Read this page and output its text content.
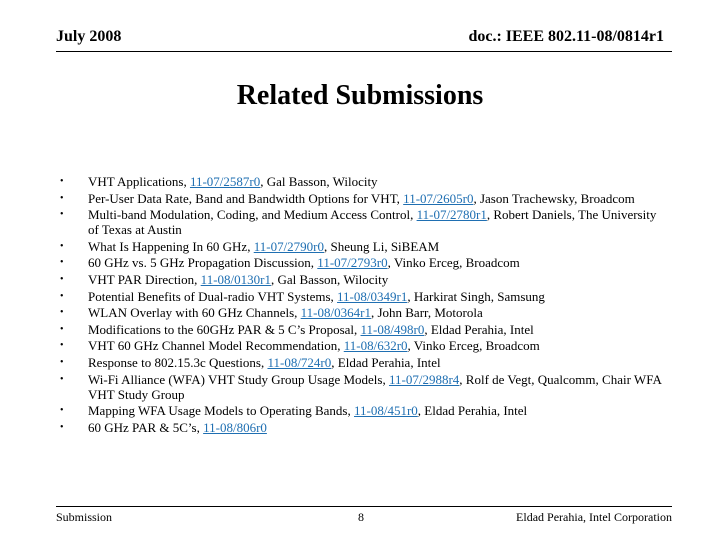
July 2008	doc.: IEEE 802.11-08/0814r1
Related Submissions
• VHT Applications, 11-07/2587r0, Gal Basson, Wilocity
• Per-User Data Rate, Band and Bandwidth Options for VHT, 11-07/2605r0, Jason Trachewsky, Broadcom
• Multi-band Modulation, Coding, and Medium Access Control, 11-07/2780r1, Robert Daniels, The University of Texas at Austin
• What Is Happening In 60 GHz, 11-07/2790r0, Sheung Li, SiBEAM
• 60 GHz vs. 5 GHz Propagation Discussion, 11-07/2793r0, Vinko Erceg, Broadcom
• VHT PAR Direction, 11-08/0130r1, Gal Basson, Wilocity
• Potential Benefits of Dual-radio VHT Systems, 11-08/0349r1, Harkirat Singh, Samsung
• WLAN Overlay with 60 GHz Channels, 11-08/0364r1, John Barr, Motorola
• Modifications to the 60GHz PAR & 5 C’s Proposal, 11-08/498r0, Eldad Perahia, Intel
• VHT 60 GHz Channel Model Recommendation, 11-08/632r0, Vinko Erceg, Broadcom
• Response to 802.15.3c Questions, 11-08/724r0, Eldad Perahia, Intel
• Wi-Fi Alliance (WFA) VHT Study Group Usage Models, 11-07/2988r4, Rolf de Vegt, Qualcomm, Chair WFA VHT Study Group
• Mapping WFA Usage Models to Operating Bands, 11-08/451r0, Eldad Perahia, Intel
• 60 GHz PAR & 5C’s, 11-08/806r0
Submission	8	Eldad Perahia, Intel Corporation
